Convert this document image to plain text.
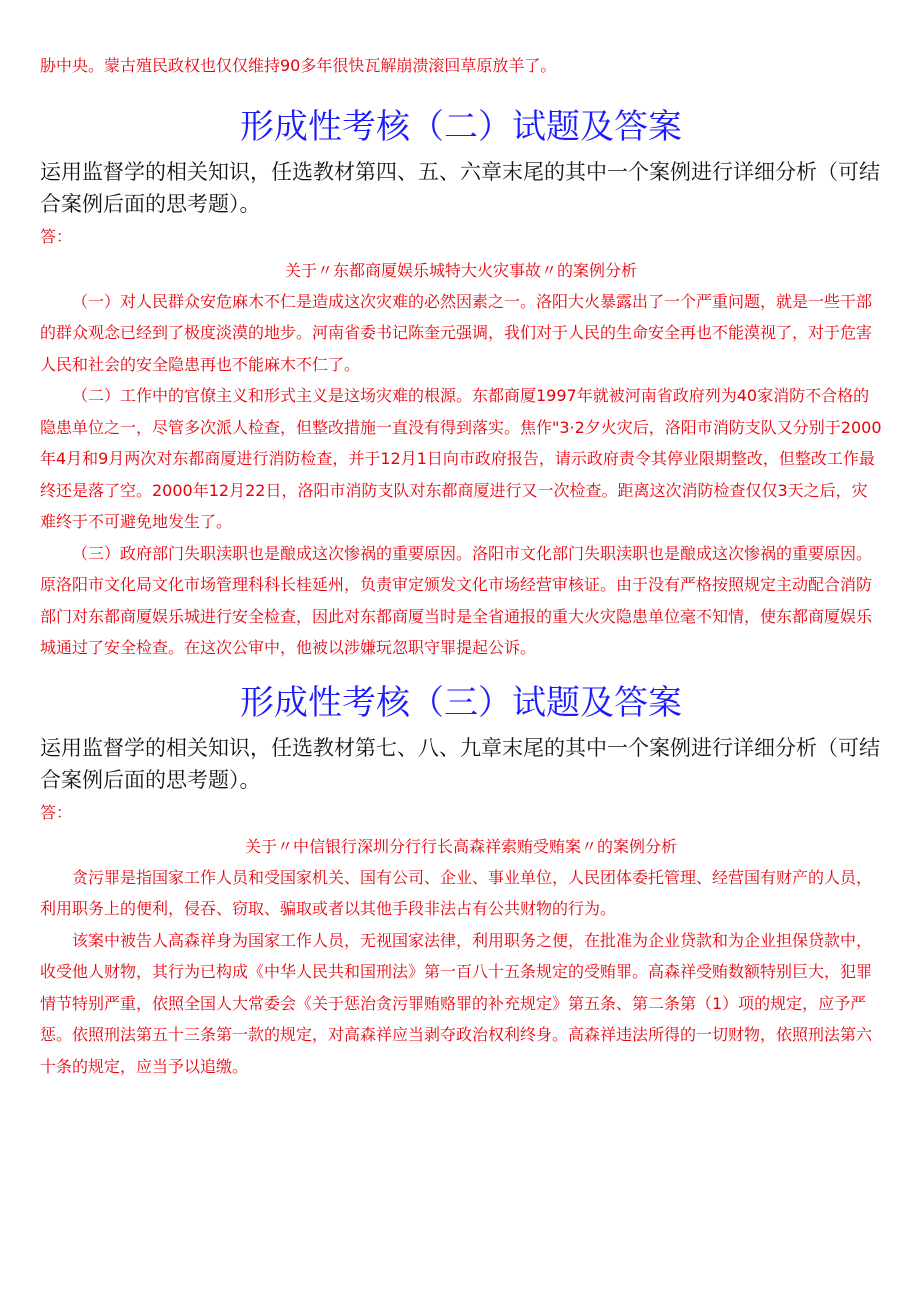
胁中央。蒙古殖民政权也仅仅维持90多年很快瓦解崩溃滚回草原放羊了。

形成性考核（二）试题及答案

运用监督学的相关知识，任选教材第四、五、六章末尾的其中一个案例进行详细分析（可结合案例后面的思考题）。

答：

关于〃东都商厦娱乐城特大火灾事故〃的案例分析

（一）对人民群众安危麻木不仁是造成这次灾难的必然因素之一。洛阳大火暴露出了一个严重问题，就是一些干部的群众观念已经到了极度淡漠的地步。河南省委书记陈奎元强调，我们对于人民的生命安全再也不能漠视了，对于危害人民和社会的安全隐患再也不能麻木不仁了。

（二）工作中的官僚主义和形式主义是这场灾难的根源。东都商厦1997年就被河南省政府列为40家消防不合格的隐患单位之一，尽管多次派人检查，但整改措施一直没有得到落实。焦作"3·2夕火灾后，洛阳市消防支队又分别于2000年4月和9月两次对东都商厦进行消防检查，并于12月1日向市政府报告，请示政府责令其停业限期整改，但整改工作最终还是落了空。2000年12月22日，洛阳市消防支队对东都商厦进行又一次检查。距离这次消防检查仅仅3天之后，灾难终于不可避免地发生了。

（三）政府部门失职渎职也是酿成这次惨祸的重要原因。洛阳市文化部门失职渎职也是酿成这次惨祸的重要原因。原洛阳市文化局文化市场管理科科长桂延州，负责审定颁发文化市场经营审核证。由于没有严格按照规定主动配合消防部门对东都商厦娱乐城进行安全检查，因此对东都商厦当时是全省通报的重大火灾隐患单位毫不知情，使东都商厦娱乐城通过了安全检查。在这次公审中，他被以涉嫌玩忽职守罪提起公诉。

形成性考核（三）试题及答案

运用监督学的相关知识，任选教材第七、八、九章末尾的其中一个案例进行详细分析（可结合案例后面的思考题）。

答：

关于〃中信银行深圳分行行长高森祥索贿受贿案〃的案例分析

贪污罪是指国家工作人员和受国家机关、国有公司、企业、事业单位，人民团体委托管理、经营国有财产的人员，利用职务上的便利，侵吞、窃取、骗取或者以其他手段非法占有公共财物的行为。

该案中被告人高森祥身为国家工作人员，无视国家法律，利用职务之便，在批准为企业贷款和为企业担保贷款中，收受他人财物，其行为已构成《中华人民共和国刑法》第一百八十五条规定的受贿罪。高森祥受贿数额特别巨大，犯罪情节特别严重，依照全国人大常委会《关于惩治贪污罪贿赂罪的补充规定》第五条、第二条第（1）项的规定，应予严惩。依照刑法第五十三条第一款的规定，对高森祥应当剥夺政治权利终身。高森祥违法所得的一切财物，依照刑法第六十条的规定，应当予以追缴。
